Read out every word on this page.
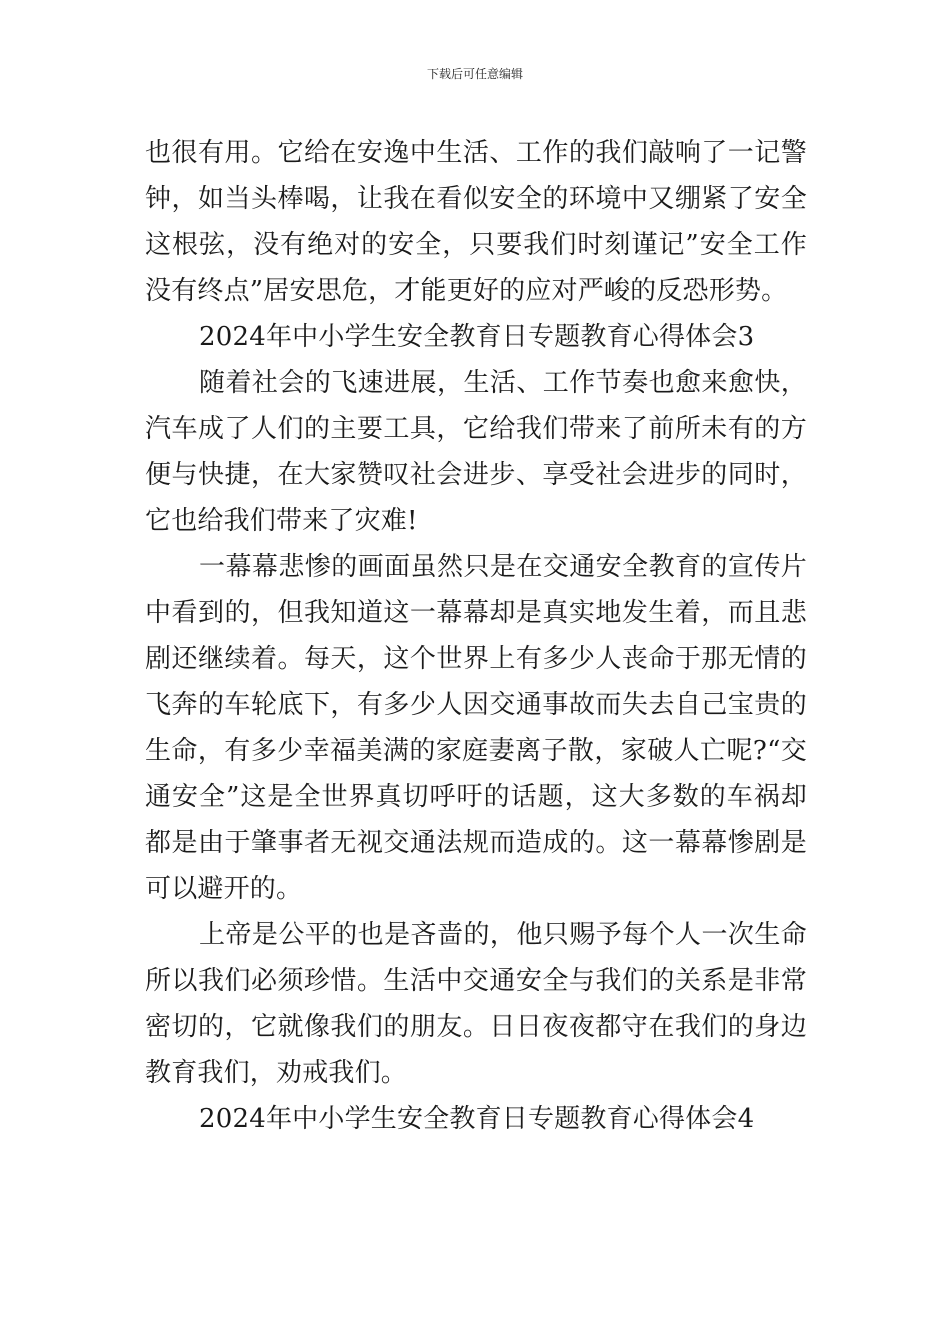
下载后可任意编辑

也很有用。它给在安逸中生活、工作的我们敲响了一记警钟，如当头棒喝，让我在看似安全的环境中又绷紧了安全这根弦，没有绝对的安全，只要我们时刻谨记”安全工作没有终点”居安思危，才能更好的应对严峻的反恐形势。

2024年中小学生安全教育日专题教育心得体会3

随着社会的飞速进展，生活、工作节奏也愈来愈快，汽车成了人们的主要工具，它给我们带来了前所未有的方便与快捷，在大家赞叹社会进步、享受社会进步的同时，它也给我们带来了灾难!

一幕幕悲惨的画面虽然只是在交通安全教育的宣传片中看到的，但我知道这一幕幕却是真实地发生着，而且悲剧还继续着。每天，这个世界上有多少人丧命于那无情的飞奔的车轮底下，有多少人因交通事故而失去自己宝贵的生命，有多少幸福美满的家庭妻离子散，家破人亡呢?“交通安全”这是全世界真切呼吁的话题，这大多数的车祸却都是由于肇事者无视交通法规而造成的。这一幕幕惨剧是可以避开的。

上帝是公平的也是吝啬的，他只赐予每个人一次生命所以我们必须珍惜。生活中交通安全与我们的关系是非常密切的，它就像我们的朋友。日日夜夜都守在我们的身边教育我们，劝戒我们。

2024年中小学生安全教育日专题教育心得体会4
